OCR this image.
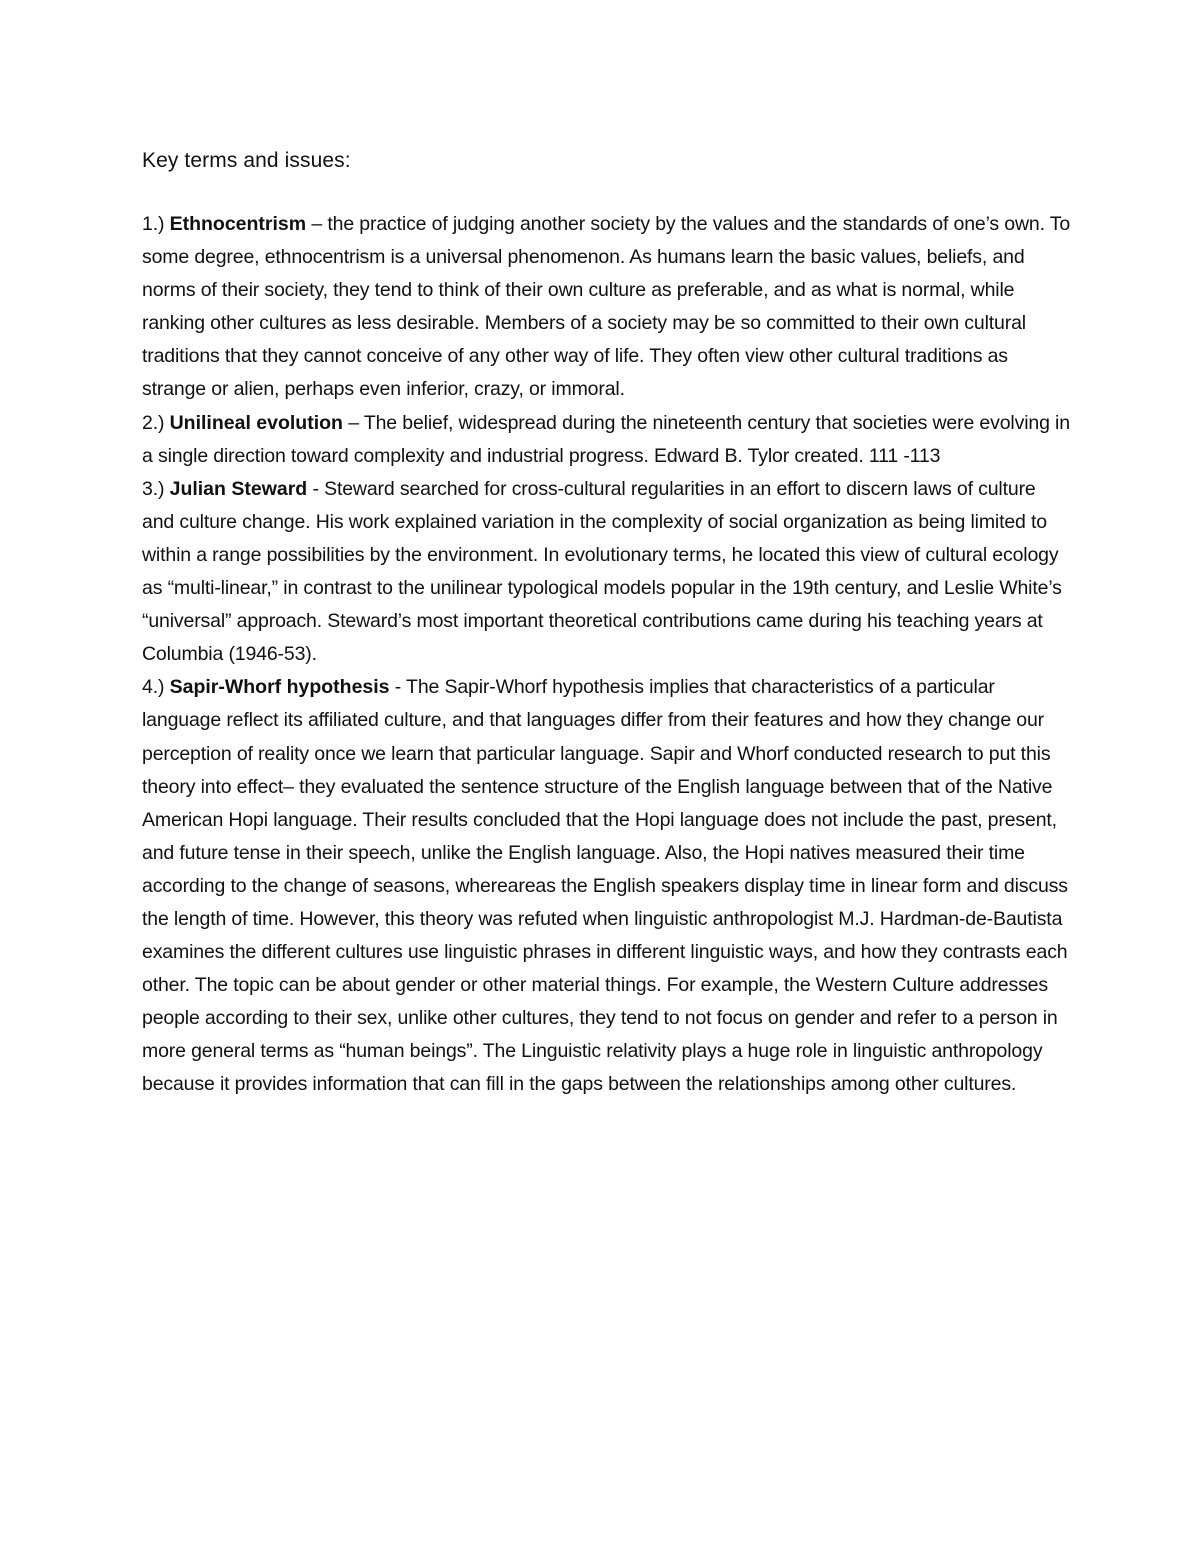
Key terms and issues:

1.) Ethnocentrism – the practice of judging another society by the values and the standards of one’s own. To some degree, ethnocentrism is a universal phenomenon. As humans learn the basic values, beliefs, and norms of their society, they tend to think of their own culture as preferable, and as what is normal, while ranking other cultures as less desirable. Members of a society may be so committed to their own cultural traditions that they cannot conceive of any other way of life. They often view other cultural traditions as strange or alien, perhaps even inferior, crazy, or immoral.

2.) Unilineal evolution – The belief, widespread during the nineteenth century that societies were evolving in a single direction toward complexity and industrial progress. Edward B. Tylor created. 111 -113

3.) Julian Steward - Steward searched for cross-cultural regularities in an effort to discern laws of culture and culture change. His work explained variation in the complexity of social organization as being limited to within a range possibilities by the environment. In evolutionary terms, he located this view of cultural ecology as “multi-linear,” in contrast to the unilinear typological models popular in the 19th century, and Leslie White’s “universal” approach. Steward’s most important theoretical contributions came during his teaching years at Columbia (1946-53).

4.) Sapir-Whorf hypothesis - The Sapir-Whorf hypothesis implies that characteristics of a particular language reflect its affiliated culture, and that languages differ from their features and how they change our perception of reality once we learn that particular language. Sapir and Whorf conducted research to put this theory into effect– they evaluated the sentence structure of the English language between that of the Native American Hopi language. Their results concluded that the Hopi language does not include the past, present, and future tense in their speech, unlike the English language. Also, the Hopi natives measured their time according to the change of seasons, whereareas the English speakers display time in linear form and discuss the length of time. However, this theory was refuted when linguistic anthropologist M.J. Hardman-de-Bautista examines the different cultures use linguistic phrases in different linguistic ways, and how they contrasts each other. The topic can be about gender or other material things. For example, the Western Culture addresses people according to their sex, unlike other cultures, they tend to not focus on gender and refer to a person in more general terms as “human beings”. The Linguistic relativity plays a huge role in linguistic anthropology because it provides information that can fill in the gaps between the relationships among other cultures.
